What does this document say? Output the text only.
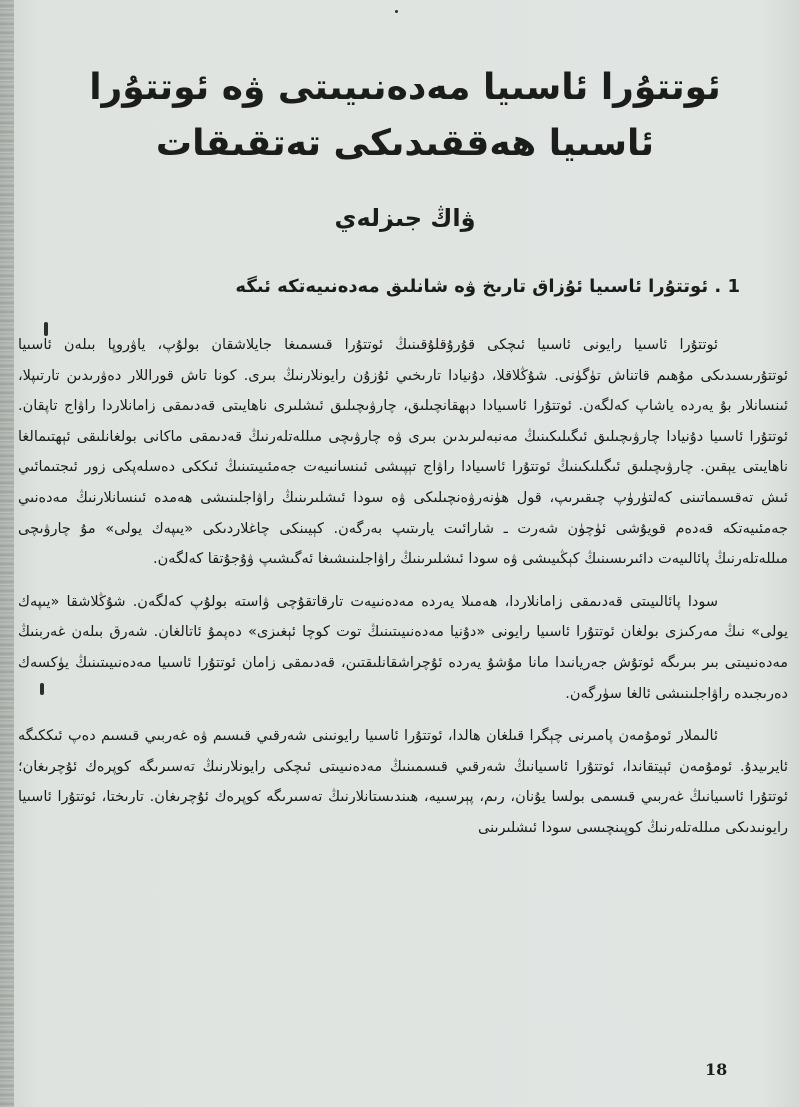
ئوتتۇرا ئاسىيا مەدەنىيىتى ۋە ئوتتۇرا ئاسىيا ھەققىدىكى تەتقىقات
ۋاڭ جىزلەي
1 . ئوتتۇرا ئاسىيا ئۇزاق تارىخ ۋە شانلىق مەدەنىيەتكە ئىگە

ئوتتۇرا ئاسىيا رايونى ئاسىيا ئىچكى قۇرۇقلۇقىنىڭ ئوتتۇرا قىسمىغا جايلاشقان بولۇپ، ياۋروپا بىلەن ئاسىيا ئوتتۇرىسىدىكى مۇھىم قاتناش تۈگۈنى. شۇڭلاقلا، دۇنيادا تارىخىي ئۇزۇن رايونلارنىڭ بىرى. كونا تاش قوراللار دەۋرىدىن تارتىپلا، ئىنسانلار بۇ يەردە ياشاپ كەلگەن. ئوتتۇرا ئاسىيادا دېھقانچىلىق، چارۋىچىلىق ئىشلىرى ناھايىتى قەدىمقى زامانلاردا راۋاج تاپقان. ئوتتۇرا ئاسىيا دۇنيادا چارۋىچىلىق ئىگىلىكىنىڭ مەنبەلىرىدىن بىرى ۋە چارۋىچى مىللەتلەرنىڭ قەدىمقى ماكانى بولغانلىقى ئېھتىمالغا ناھايىتى يېقىن. چارۋىچىلىق ئىگىلىكىنىڭ ئوتتۇرا ئاسىيادا راۋاج تېپىشى ئىنسانىيەت جەمئىيىتىنىڭ ئىككى دەسلەپكى زور ئىجتىمائىي ئىش تەقسىماتىنى كەلتۈرۈپ چىقىرىپ، قول ھۈنەرۋەنچىلىكى ۋە سودا ئىشلىرىنىڭ راۋاجلىنىشى ھەمدە ئىنسانلارنىڭ مەدەنىي جەمئىيەتكە قەدەم قويۇشى ئۈچۈن شەرت ـ شارائىت يارىتىپ بەرگەن. كېيىنكى چاغلاردىكى «يىپەك يولى» مۇ چارۋىچى مىللەتلەرنىڭ پائالىيەت دائىرىسىنىڭ كېڭىيىشى ۋە سودا ئىشلىرىنىڭ راۋاجلىنىشىغا ئەگىشىپ ۋۇجۇتقا كەلگەن.

سودا پائالىيىتى قەدىمقى زامانلاردا، ھەمىلا يەردە مەدەنىيەت تارقاتقۇچى ۋاستە بولۇپ كەلگەن. شۇڭلاشقا «يىپەك يولى» نىڭ مەركىزى بولغان ئوتتۇرا ئاسىيا رايونى «دۇنيا مەدەنىيىتىنىڭ توت كوچا ئېغىزى» دەپمۇ ئاتالغان. شەرق بىلەن غەربنىڭ مەدەنىيىتى بىر بىرىگە ئوتۇش جەريانىدا مانا مۇشۇ يەردە ئۇچراشقانلىقتىن، قەدىمقى زامان ئوتتۇرا ئاسىيا مەدەنىيىتىنىڭ يۈكسەك دەرىجىدە راۋاجلىنىشى ئالغا سۈرگەن.

ئالىملار ئومۇمەن پامىرنى چېگرا قىلغان ھالدا، ئوتتۇرا ئاسىيا رايونىنى شەرقىي قىسىم ۋە غەربىي قىسىم دەپ ئىككىگە ئايرىيدۇ. ئومۇمەن ئېيتقاندا، ئوتتۇرا ئاسىيانىڭ شەرقىي قىسمىنىڭ مەدەنىيىتى ئىچكى رايونلارنىڭ تەسىرىگە كوپرەك ئۇچرىغان؛ ئوتتۇرا ئاسىيانىڭ غەربىي قىسمى بولسا يۇنان، رىم، پېرسىيە، ھىندىستانلارنىڭ تەسىرىگە كوپرەك ئۇچرىغان. تارىختا، ئوتتۇرا ئاسىيا رايونىدىكى مىللەتلەرنىڭ كوپىنچىسى سودا ئىشلىرىنى

18
